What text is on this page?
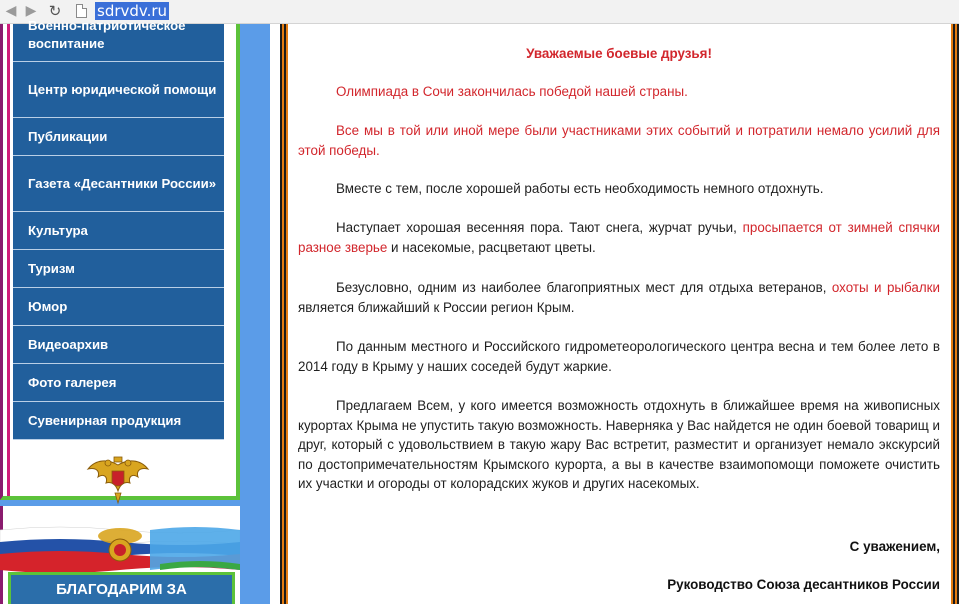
◀ ▶ ↻ sdrvdv.ru
Военно-патриотическое воспитание
Центр юридической помощи
Публикации
Газета «Десантники России»
Культура
Туризм
Юмор
Видеоархив
Фото галерея
Сувенирная продукция
БЛАГОДАРИМ ЗА
Уважаемые боевые друзья!

Олимпиада в Сочи закончилась победой нашей страны.

Все мы в той или иной мере были участниками этих событий и потратили немало усилий для этой победы.

Вместе с тем, после хорошей работы есть необходимость немного отдохнуть.

Наступает хорошая весенняя пора. Тают снега, журчат ручьи, просыпается от зимней спячки разное зверье и насекомые, расцветают цветы.

Безусловно, одним из наиболее благоприятных мест для отдыха ветеранов, охоты и рыбалки является ближайший к России регион Крым.

По данным местного и Российского гидрометеорологического центра весна и тем более лето в 2014 году в Крыму у наших соседей будут жаркие.

Предлагаем Всем, у кого имеется возможность отдохнуть в ближайшее время на живописных курортах Крыма не упустить такую возможность. Наверняка у Вас найдется не один боевой товарищ и друг, который с удовольствием в такую жару Вас встретит, разместит и организует немало экскурсий по достопримечательностям Крымского курорта, а вы в качестве взаимопомощи поможете очистить их участки и огороды от колорадских жуков и других насекомых.

С уважением,
Руководство Союза десантников России
